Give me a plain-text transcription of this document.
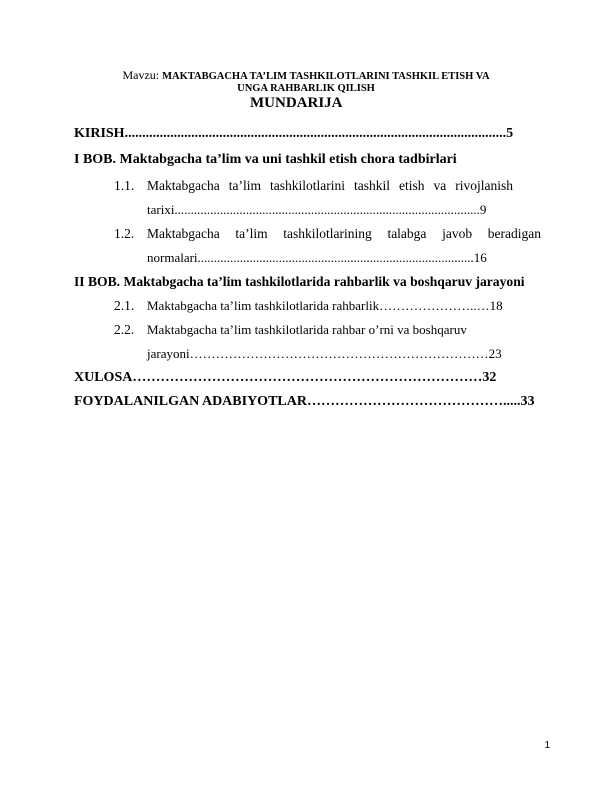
Mavzu: MAKTABGACHA TA’LIM TASHKILOTLARINI TASHKIL ETISH VA
UNGA RAHBARLIK QILISH
MUNDARIJA
KIRISH.............................................................................................................5
I BOB. Maktabgacha ta’lim va uni tashkil etish chora tadbirlari
1.1. Maktabgacha ta’lim tashkilotlarini tashkil etish va rivojlanish
tarixi..............................................................................................9
1.2. Maktabgacha ta’lim tashkilotlarining talabga javob beradigan
normalari.....................................................................................16
II BOB. Maktabgacha ta’lim tashkilotlarida rahbarlik va boshqaruv jarayoni
2.1. Maktabgacha ta’lim tashkilotlarida rahbarlik…………………..…18
2.2. Maktabgacha ta’lim tashkilotlarida rahbar o’rni va boshqaruv
jarayoni……………………………………………………………23
XULOSA…………………………………………………………………32
FOYDALANILGAN ADABIYOTLAR…………………………………….....33
1
